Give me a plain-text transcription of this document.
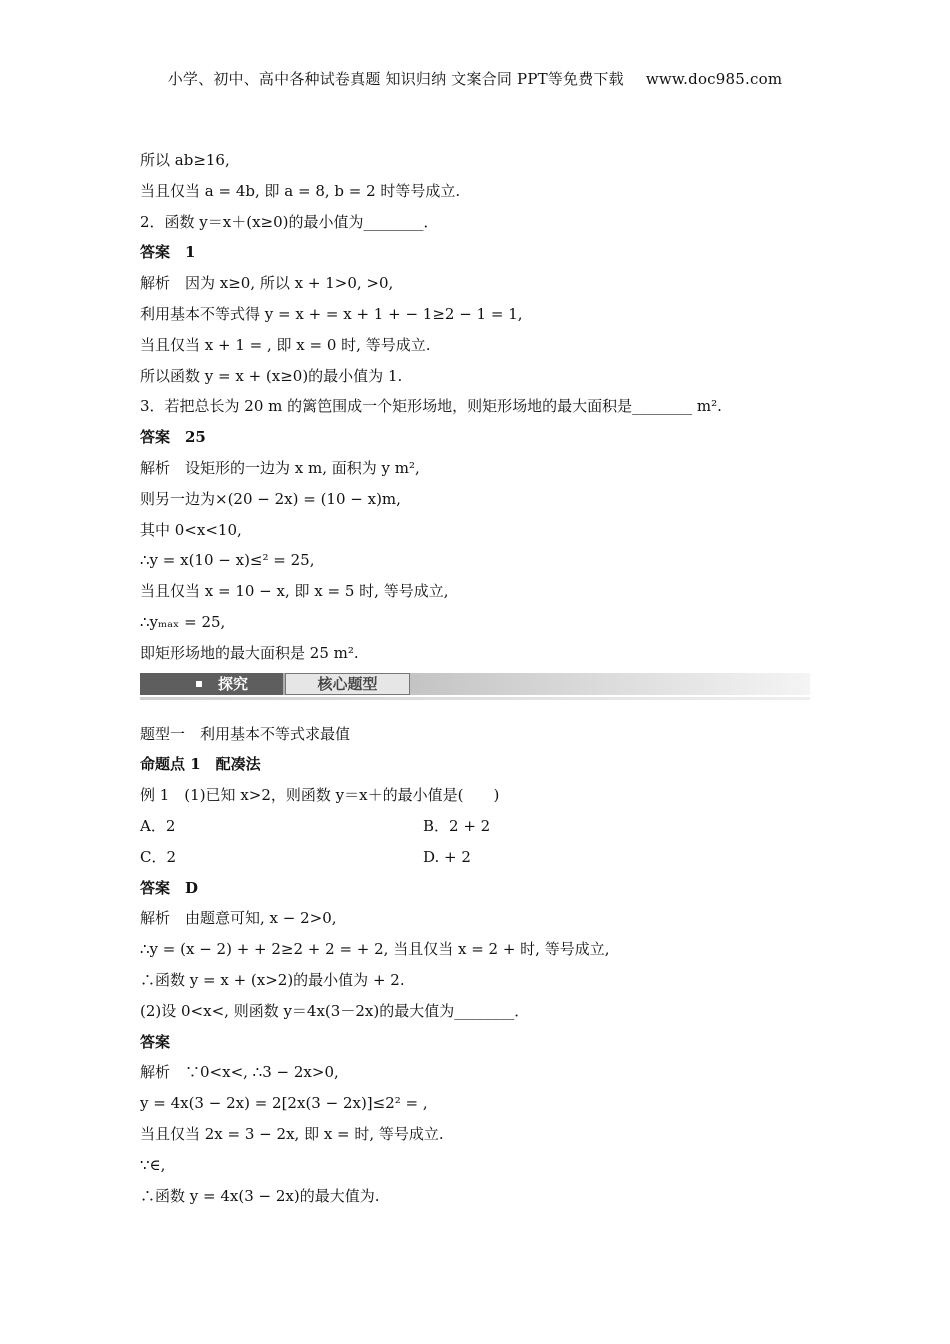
小学、初中、高中各种试卷真题 知识归纳 文案合同 PPT等免费下载 www.doc985.com
所以 ab≥16,
当且仅当 a = 4b, 即 a = 8, b = 2 时等号成立.
2．函数 y＝x＋(x≥0)的最小值为________．
答案　1
解析　因为 x≥0, 所以 x + 1>0, >0,
利用基本不等式得 y = x + = x + 1 + − 1≥2 − 1 = 1,
当且仅当 x + 1 = , 即 x = 0 时, 等号成立.
所以函数 y = x + (x≥0)的最小值为 1.
3．若把总长为 20 m 的篱笆围成一个矩形场地，则矩形场地的最大面积是________ m².
答案　25
解析　设矩形的一边为 x m, 面积为 y m²,
则另一边为×(20 − 2x) = (10 − x)m,
其中 0<x<10,
∴y = x(10 − x)≤² = 25,
当且仅当 x = 10 − x, 即 x = 5 时, 等号成立,
∴yₘₐₓ = 25,
即矩形场地的最大面积是 25 m².
探究	核心题型
题型一　利用基本不等式求最值
命题点 1　配凑法
例 1　(1)已知 x>2，则函数 y＝x＋的最小值是(　　)
A．2	B．2 + 2
C．2	D. + 2
答案　D
解析　由题意可知, x − 2>0,
∴y = (x − 2) + + 2≥2 + 2 = + 2, 当且仅当 x = 2 + 时, 等号成立,
∴函数 y = x + (x>2)的最小值为 + 2.
(2)设 0<x<, 则函数 y＝4x(3－2x)的最大值为________．
答案
解析　∵0<x<, ∴3 − 2x>0,
y = 4x(3 − 2x) = 2[2x(3 − 2x)]≤2² = ,
当且仅当 2x = 3 − 2x, 即 x = 时, 等号成立.
∵∈,
∴函数 y = 4x(3 − 2x)的最大值为.
